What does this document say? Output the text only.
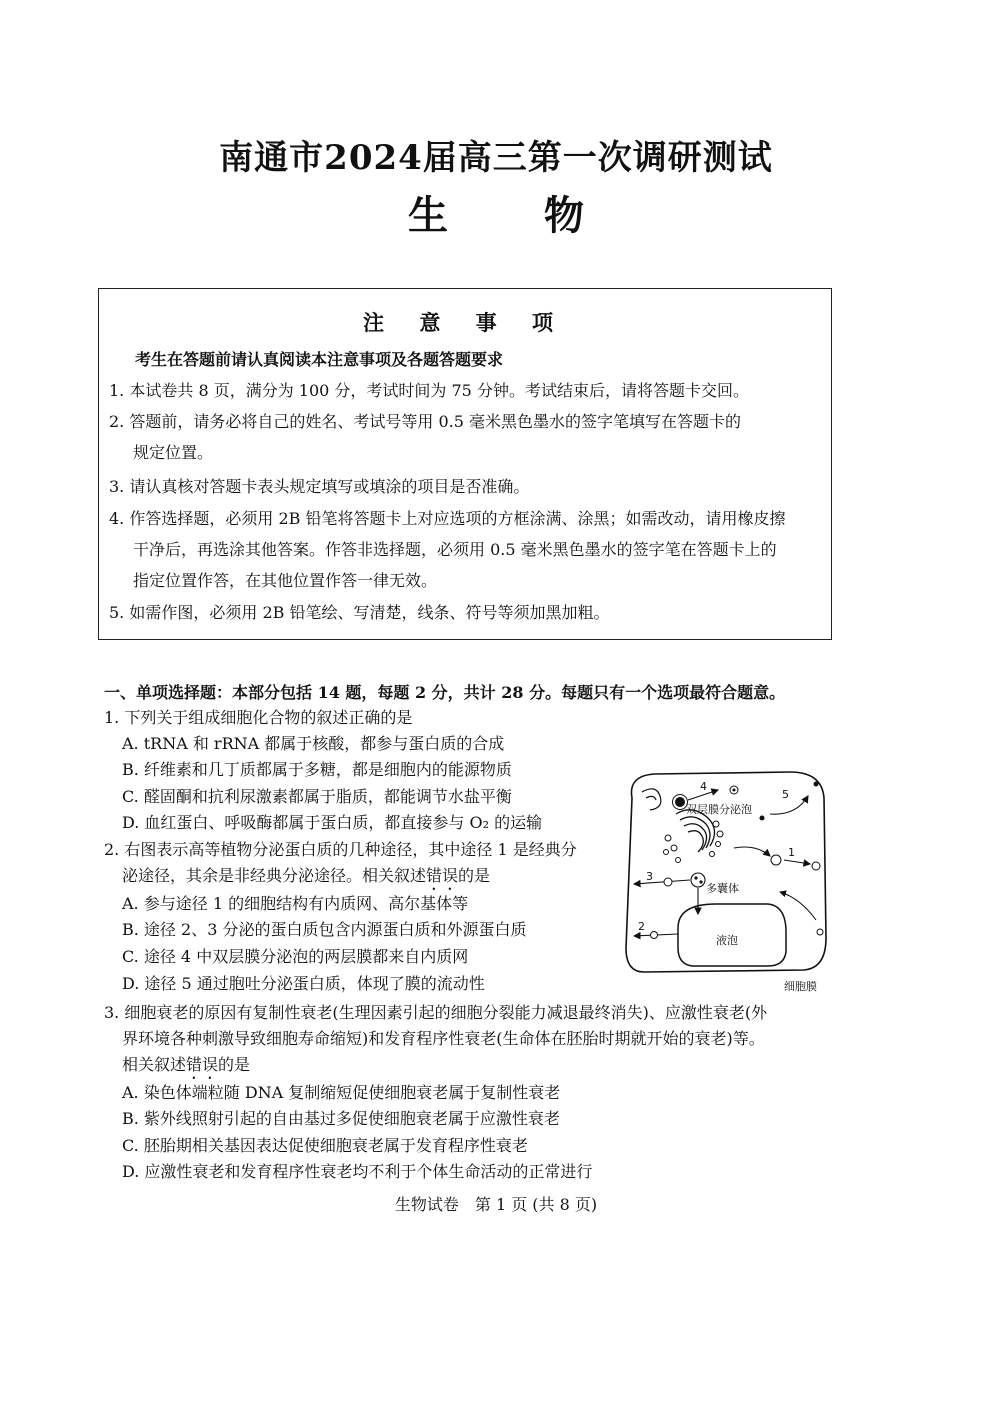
南通市2024届高三第一次调研测试
生 物
注 意 事 项
考生在答题前请认真阅读本注意事项及各题答题要求
1. 本试卷共 8 页，满分为 100 分，考试时间为 75 分钟。考试结束后，请将答题卡交回。
2. 答题前，请务必将自己的姓名、考试号等用 0.5 毫米黑色墨水的签字笔填写在答题卡的
规定位置。
3. 请认真核对答题卡表头规定填写或填涂的项目是否准确。
4. 作答选择题，必须用 2B 铅笔将答题卡上对应选项的方框涂满、涂黑；如需改动，请用橡皮擦
干净后，再选涂其他答案。作答非选择题，必须用 0.5 毫米黑色墨水的签字笔在答题卡上的
指定位置作答，在其他位置作答一律无效。
5. 如需作图，必须用 2B 铅笔绘、写清楚，线条、符号等须加黑加粗。
一、单项选择题：本部分包括 14 题，每题 2 分，共计 28 分。每题只有一个选项最符合题意。
1. 下列关于组成细胞化合物的叙述正确的是
A. tRNA 和 rRNA 都属于核酸，都参与蛋白质的合成
B. 纤维素和几丁质都属于多糖，都是细胞内的能源物质
C. 醛固酮和抗利尿激素都属于脂质，都能调节水盐平衡
D. 血红蛋白、呼吸酶都属于蛋白质，都直接参与 O₂ 的运输
2. 右图表示高等植物分泌蛋白质的几种途径，其中途径 1 是经典分
泌途径，其余是非经典分泌途径。相关叙述错误的是
A. 参与途径 1 的细胞结构有内质网、高尔基体等
B. 途径 2、3 分泌的蛋白质包含内源蛋白质和外源蛋白质
C. 途径 4 中双层膜分泌泡的两层膜都来自内质网
D. 途径 5 通过胞吐分泌蛋白质，体现了膜的流动性
4
双层膜分泌泡
5
1
多囊体
3
液泡
2
细胞膜
3. 细胞衰老的原因有复制性衰老(生理因素引起的细胞分裂能力减退最终消失)、应激性衰老(外
界环境各种刺激导致细胞寿命缩短)和发育程序性衰老(生命体在胚胎时期就开始的衰老)等。
相关叙述错误的是
A. 染色体端粒随 DNA 复制缩短促使细胞衰老属于复制性衰老
B. 紫外线照射引起的自由基过多促使细胞衰老属于应激性衰老
C. 胚胎期相关基因表达促使细胞衰老属于发育程序性衰老
D. 应激性衰老和发育程序性衰老均不利于个体生命活动的正常进行
生物试卷　第 1 页 (共 8 页)
